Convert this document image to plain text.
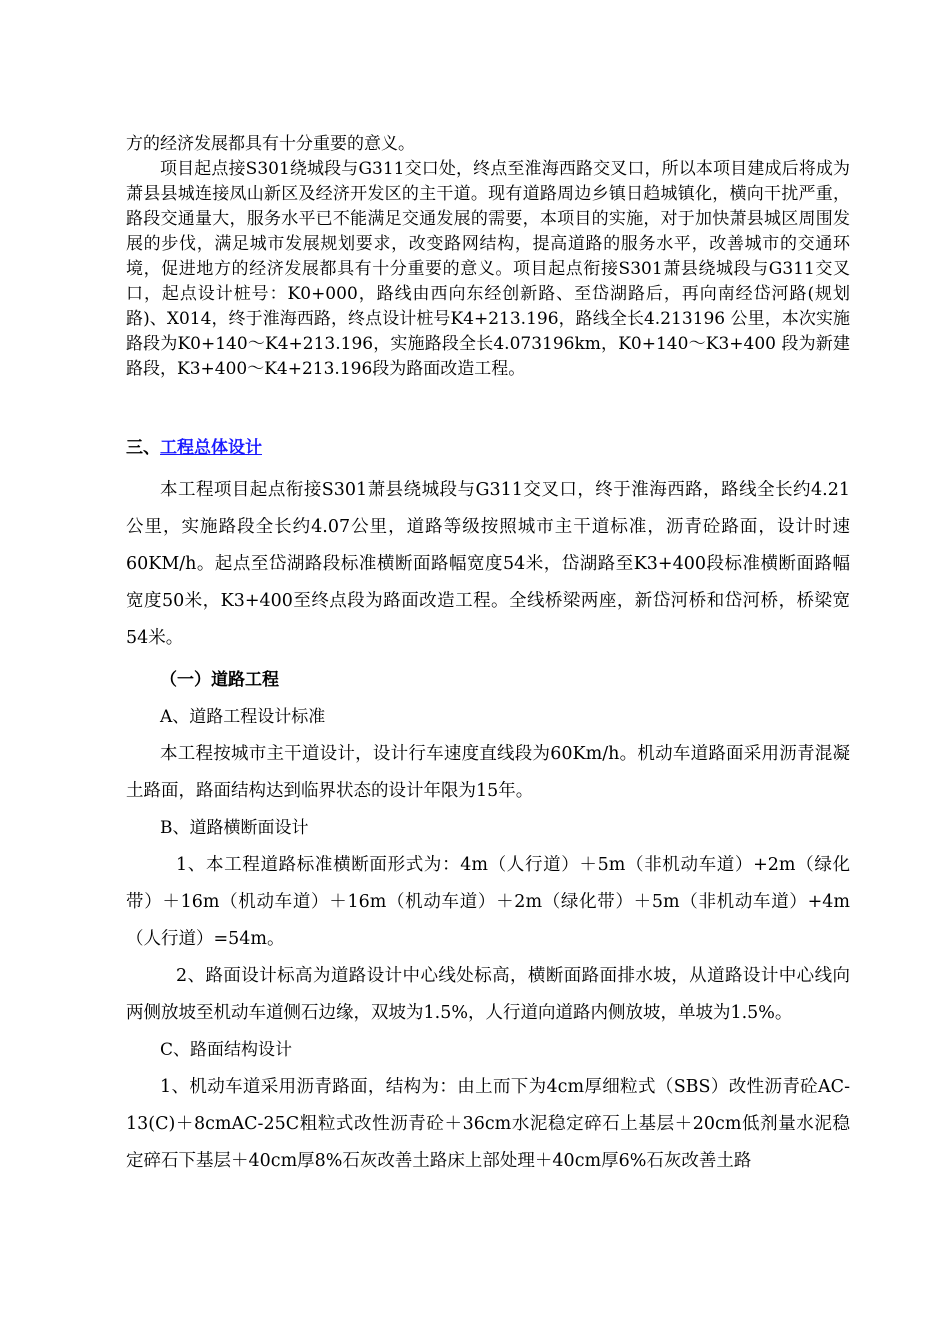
方的经济发展都具有十分重要的意义。

项目起点接S301绕城段与G311交口处，终点至淮海西路交叉口，所以本项目建成后将成为萧县县城连接凤山新区及经济开发区的主干道。现有道路周边乡镇日趋城镇化，横向干扰严重，路段交通量大，服务水平已不能满足交通发展的需要，本项目的实施，对于加快萧县城区周围发展的步伐，满足城市发展规划要求，改变路网结构，提高道路的服务水平，改善城市的交通环境，促进地方的经济发展都具有十分重要的意义。项目起点衔接S301萧县绕城段与G311交叉口，起点设计桩号：K0+000，路线由西向东经创新路、至岱湖路后，再向南经岱河路(规划路)、X014，终于淮海西路，终点设计桩号K4+213.196，路线全长4.213196 公里，本次实施路段为K0+140～K4+213.196，实施路段全长4.073196km，K0+140～K3+400 段为新建路段，K3+400～K4+213.196段为路面改造工程。

三、工程总体设计

本工程项目起点衔接S301萧县绕城段与G311交叉口，终于淮海西路，路线全长约4.21公里，实施路段全长约4.07公里，道路等级按照城市主干道标准，沥青砼路面，设计时速60KM/h。起点至岱湖路段标准横断面路幅宽度54米，岱湖路至K3+400段标准横断面路幅宽度50米，K3+400至终点段为路面改造工程。全线桥梁两座，新岱河桥和岱河桥，桥梁宽54米。

（一）道路工程

A、道路工程设计标准

本工程按城市主干道设计，设计行车速度直线段为60Km/h。机动车道路面采用沥青混凝土路面，路面结构达到临界状态的设计年限为15年。

B、道路横断面设计

1、本工程道路标准横断面形式为：4m（人行道）＋5m（非机动车道）+2m（绿化带）＋16m（机动车道）＋16m（机动车道）＋2m（绿化带）＋5m（非机动车道）+4m（人行道）=54m。

2、路面设计标高为道路设计中心线处标高，横断面路面排水坡，从道路设计中心线向两侧放坡至机动车道侧石边缘，双坡为1.5%，人行道向道路内侧放坡，单坡为1.5%。

C、路面结构设计

1、机动车道采用沥青路面，结构为：由上而下为4cm厚细粒式（SBS）改性沥青砼AC-13(C)＋8cmAC-25C粗粒式改性沥青砼＋36cm水泥稳定碎石上基层＋20cm低剂量水泥稳定碎石下基层＋40cm厚8%石灰改善土路床上部处理＋40cm厚6%石灰改善土路
